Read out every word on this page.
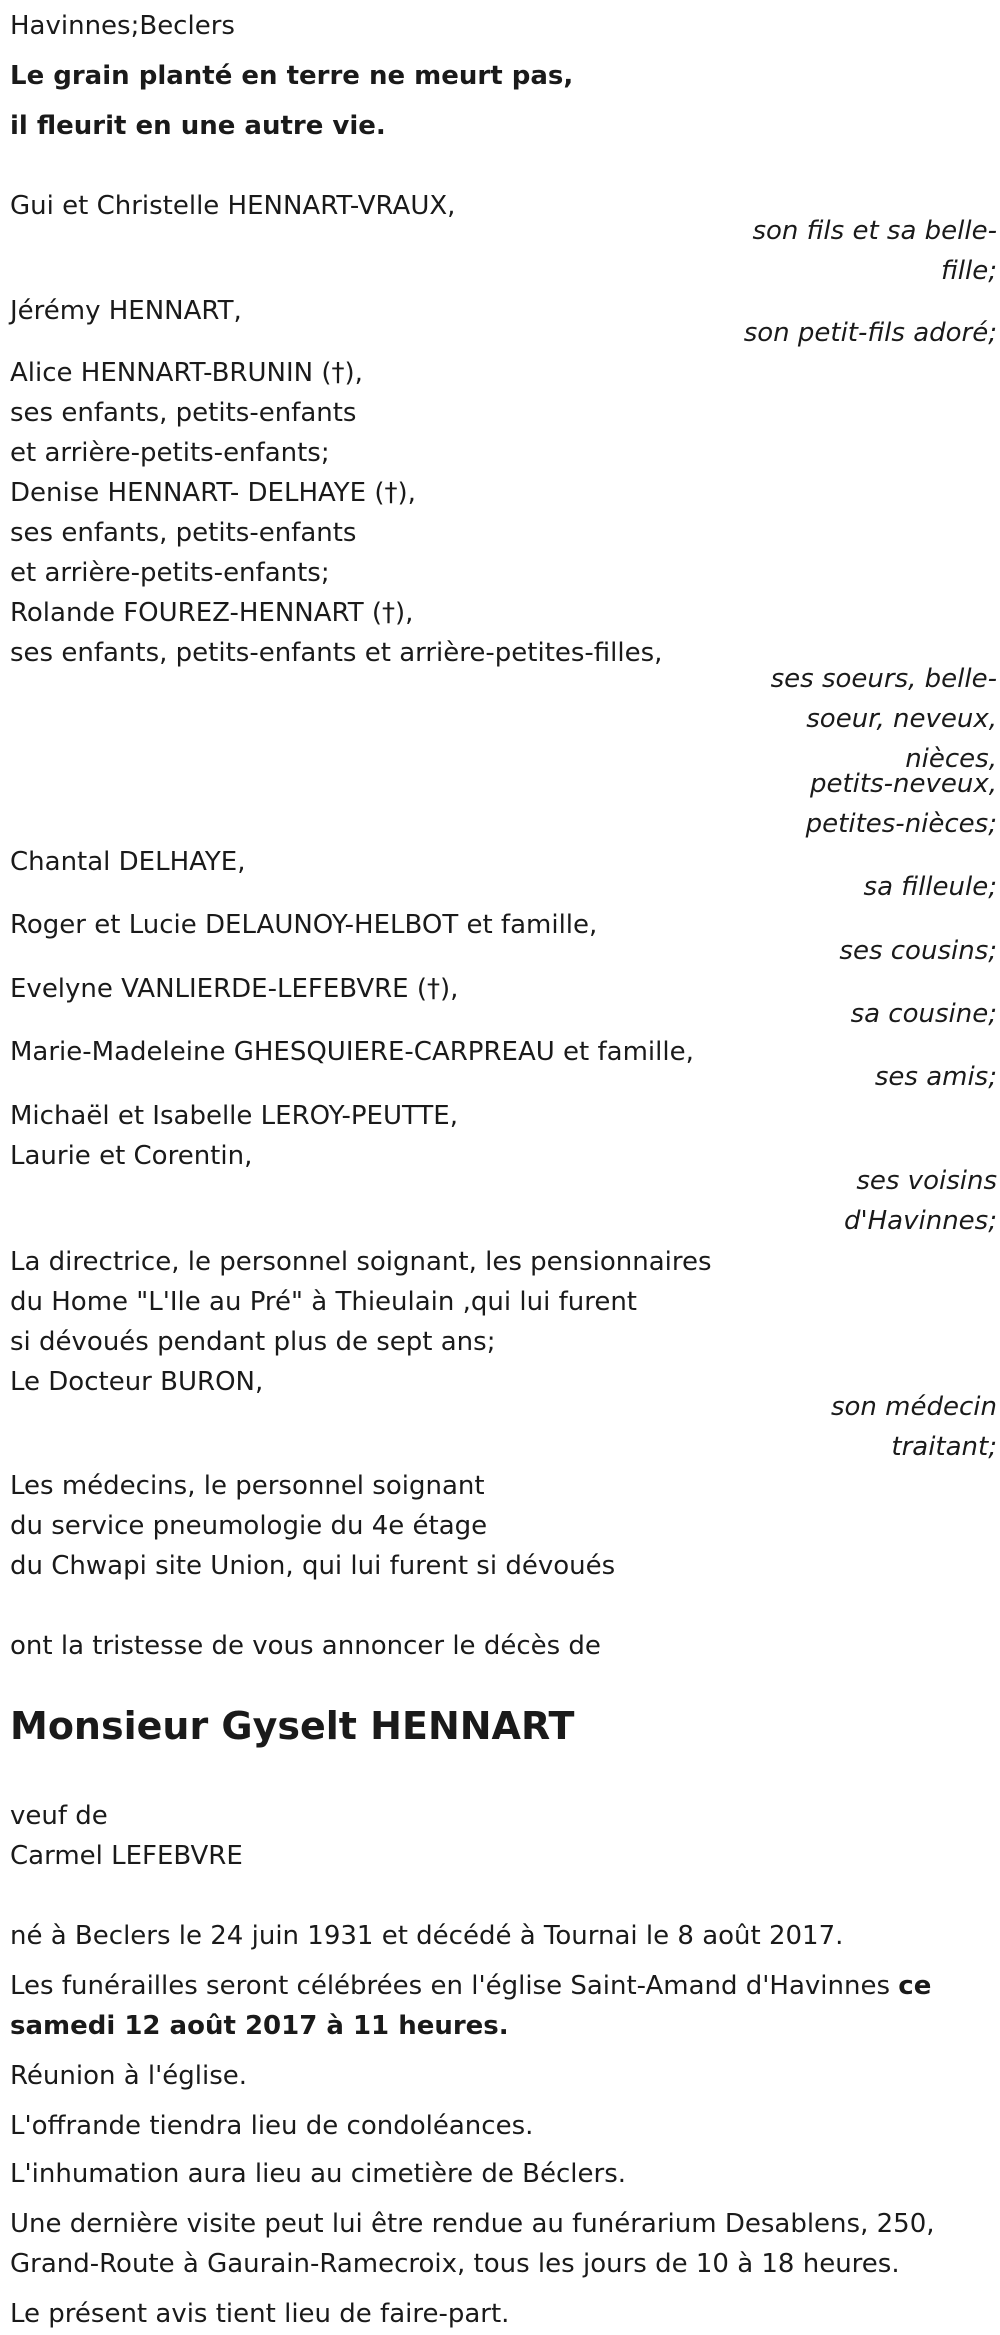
Havinnes;Beclers
Le grain planté en terre ne meurt pas,
il fleurit en une autre vie.
Gui et Christelle HENNART-VRAUX,
son fils et sa belle-
fille;
Jérémy HENNART,
son petit-fils adoré;
Alice HENNART-BRUNIN (†),
ses enfants, petits-enfants
et arrière-petits-enfants;
Denise HENNART- DELHAYE (†),
ses enfants, petits-enfants
et arrière-petits-enfants;
Rolande FOUREZ-HENNART (†),
ses enfants, petits-enfants et arrière-petites-filles,
ses soeurs, belle-
soeur, neveux,
nièces,
petits-neveux,
petites-nièces;
Chantal DELHAYE,
sa filleule;
Roger et Lucie DELAUNOY-HELBOT et famille,
ses cousins;
Evelyne VANLIERDE-LEFEBVRE (†),
sa cousine;
Marie-Madeleine GHESQUIERE-CARPREAU et famille,
ses amis;
Michaël et Isabelle LEROY-PEUTTE,
Laurie et Corentin,
ses voisins
d'Havinnes;
La directrice, le personnel soignant, les pensionnaires
du Home "L'Ile au Pré" à Thieulain ,qui lui furent
si dévoués pendant plus de sept ans;
Le Docteur BURON,
son médecin
traitant;
Les médecins, le personnel soignant
du service pneumologie du 4e étage
du Chwapi site Union, qui lui furent si dévoués
ont la tristesse de vous annoncer le décès de
Monsieur Gyselt HENNART
veuf de
Carmel LEFEBVRE
né à Beclers le 24 juin 1931 et décédé à Tournai le 8 août 2017.
Les funérailles seront célébrées en l'église Saint-Amand d'Havinnes ce
samedi 12 août 2017 à 11 heures.
Réunion à l'église.
L'offrande tiendra lieu de condoléances.
L'inhumation aura lieu au cimetière de Béclers.
Une dernière visite peut lui être rendue au funérarium Desablens, 250,
Grand-Route à Gaurain-Ramecroix, tous les jours de 10 à 18 heures.
Le présent avis tient lieu de faire-part.
